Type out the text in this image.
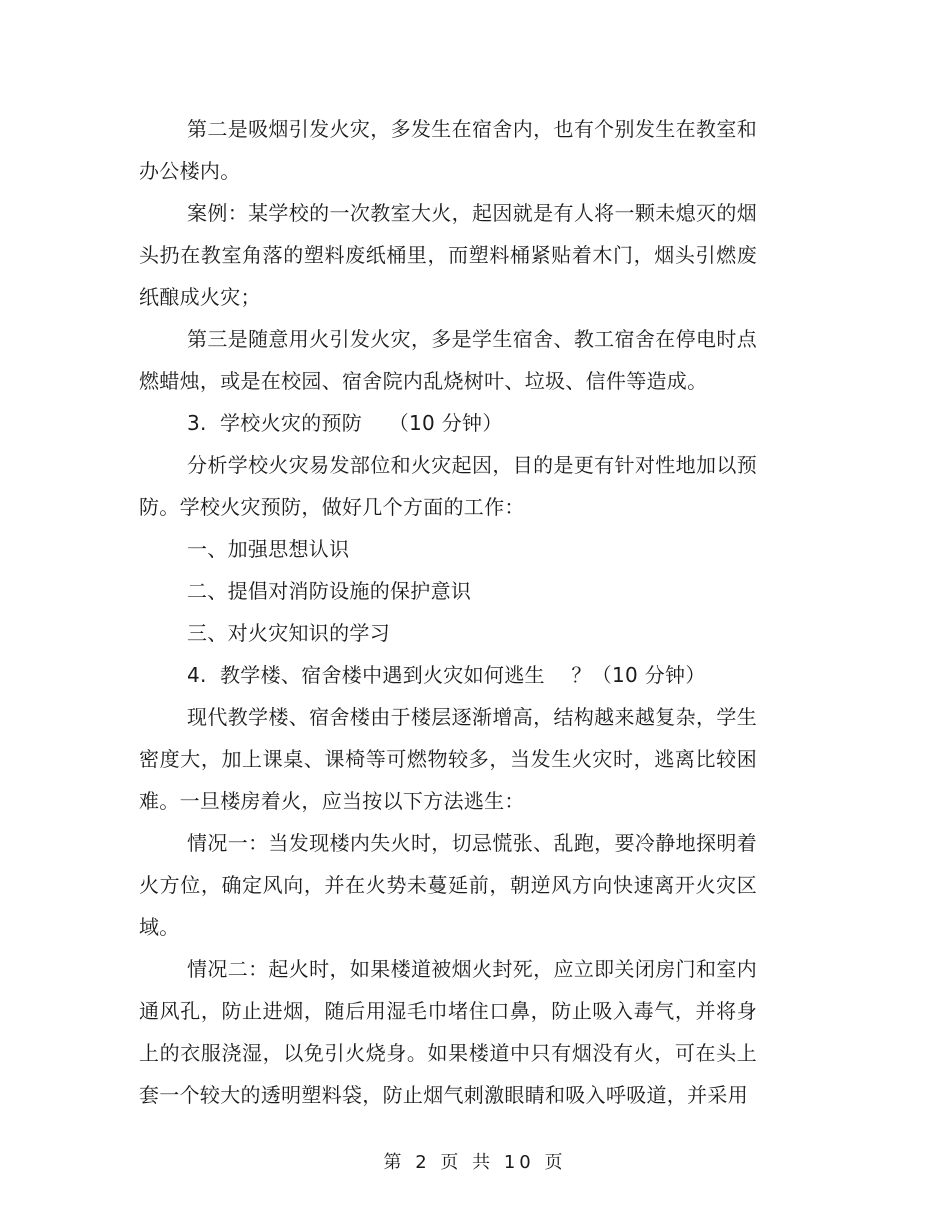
第二是吸烟引发火灾，多发生在宿舍内，也有个别发生在教室和办公楼内。

案例：某学校的一次教室大火，起因就是有人将一颗未熄灭的烟头扔在教室角落的塑料废纸桶里，而塑料桶紧贴着木门，烟头引燃废纸酿成火灾；

第三是随意用火引发火灾，多是学生宿舍、教工宿舍在停电时点燃蜡烛，或是在校园、宿舍院内乱烧树叶、垃圾、信件等造成。

3.  学校火灾的预防    （10 分钟）

分析学校火灾易发部位和火灾起因，目的是更有针对性地加以预防。学校火灾预防，做好几个方面的工作：

一、加强思想认识

二、提倡对消防设施的保护意识

三、对火灾知识的学习

4.  教学楼、宿舍楼中遇到火灾如何逃生    ？（10 分钟）

现代教学楼、宿舍楼由于楼层逐渐增高，结构越来越复杂，学生密度大，加上课桌、课椅等可燃物较多，当发生火灾时，逃离比较困难。一旦楼房着火，应当按以下方法逃生：

情况一：当发现楼内失火时，切忌慌张、乱跑，要冷静地探明着火方位，确定风向，并在火势未蔓延前，朝逆风方向快速离开火灾区域。

情况二：起火时，如果楼道被烟火封死，应立即关闭房门和室内通风孔，防止进烟，随后用湿毛巾堵住口鼻，防止吸入毒气，并将身上的衣服浇湿，以免引火烧身。如果楼道中只有烟没有火，可在头上套一个较大的透明塑料袋，防止烟气刺激眼睛和吸入呼吸道，并采用

第 2 页 共 10 页
